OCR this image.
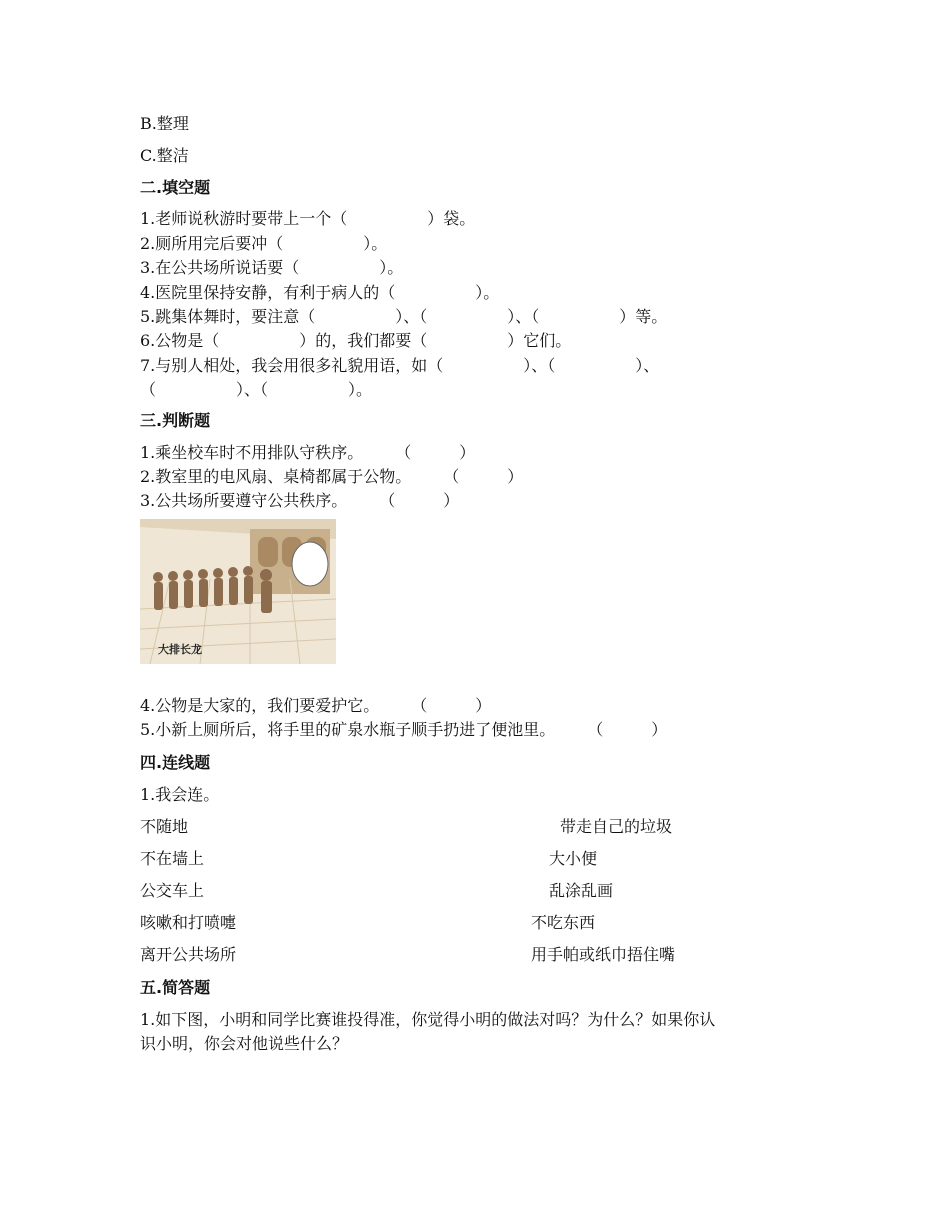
B.整理
C.整洁
二.填空题
1.老师说秋游时要带上一个（　　　　　）袋。
2.厕所用完后要冲（　　　　　）。
3.在公共场所说话要（　　　　　）。
4.医院里保持安静，有利于病人的（　　　　　）。
5.跳集体舞时，要注意（　　　　　）、（　　　　　）、（　　　　　）等。
6.公物是（　　　　　）的，我们都要（　　　　　）它们。
7.与别人相处，我会用很多礼貌用语，如（　　　　　）、（　　　　　）、
（　　　　　）、（　　　　　）。
三.判断题
1.乘坐校车时不用排队守秩序。　　　（　　　）
2.教室里的电风扇、桌椅都属于公物。　　　（　　　）
3.公共场所要遵守公共秩序。　　　（　　　）
大排长龙
4.公物是大家的，我们要爱护它。　　　（　　　）
5.小新上厕所后，将手里的矿泉水瓶子顺手扔进了便池里。　　　（　　　）
四.连线题
1.我会连。
不随地
不在墙上
公交车上
咳嗽和打喷嚏
离开公共场所
带走自己的垃圾
大小便
乱涂乱画
不吃东西
用手帕或纸巾捂住嘴
五.简答题
1.如下图，小明和同学比赛谁投得准，你觉得小明的做法对吗？为什么？如果你认
识小明，你会对他说些什么？
